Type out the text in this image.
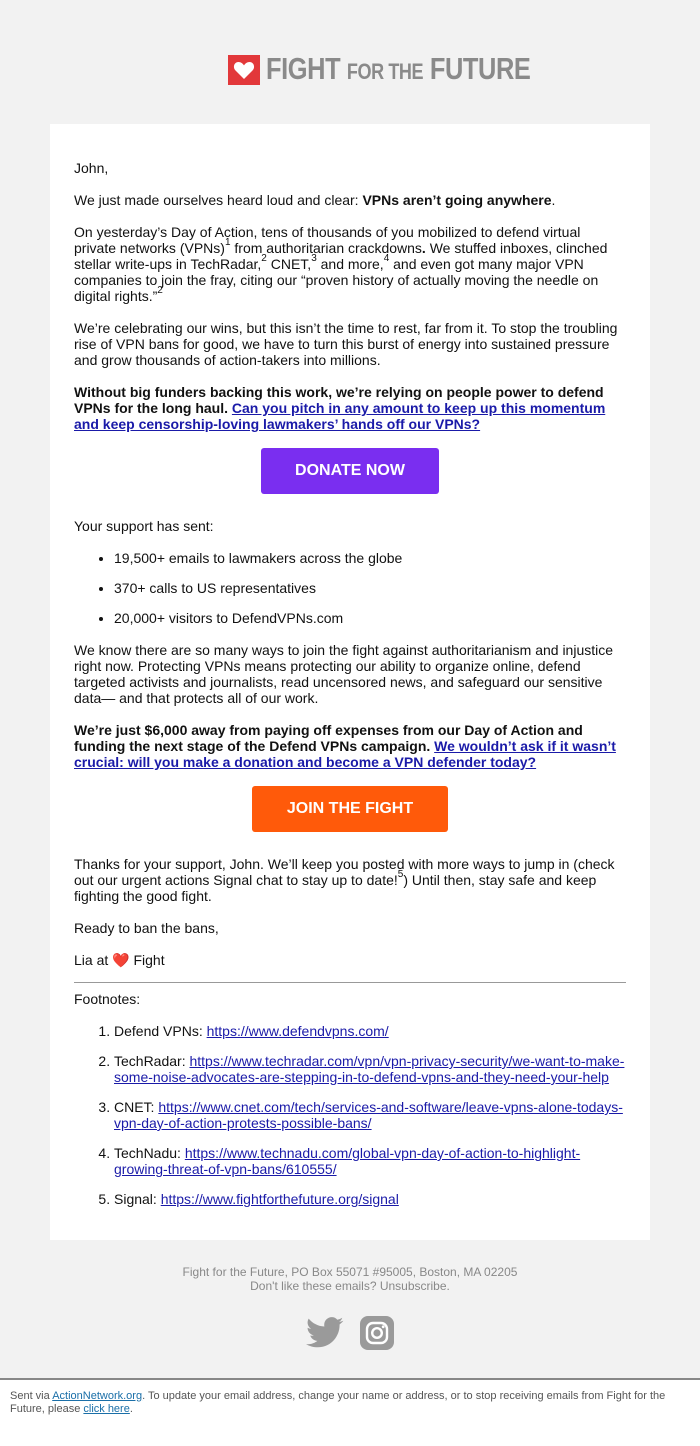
FIGHT FOR THE FUTURE

John,

We just made ourselves heard loud and clear: VPNs aren’t going anywhere.

On yesterday’s Day of Action, tens of thousands of you mobilized to defend virtual private networks (VPNs)$^1$ from authoritarian crackdowns. We stuffed inboxes, clinched stellar write-ups in TechRadar,$^2$ CNET,$^3$ and more,$^4$ and even got many major VPN companies to join the fray, citing our “proven history of actually moving the needle on digital rights.”$^2$

We’re celebrating our wins, but this isn’t the time to rest, far from it. To stop the troubling rise of VPN bans for good, we have to turn this burst of energy into sustained pressure and grow thousands of action-takers into millions.

Without big funders backing this work, we’re relying on people power to defend VPNs for the long haul. Can you pitch in any amount to keep up this momentum and keep censorship-loving lawmakers’ hands off our VPNs?

DONATE NOW

Your support has sent:

• 19,500+ emails to lawmakers across the globe
• 370+ calls to US representatives
• 20,000+ visitors to DefendVPNs.com

We know there are so many ways to join the fight against authoritarianism and injustice right now. Protecting VPNs means protecting our ability to organize online, defend targeted activists and journalists, read uncensored news, and safeguard our sensitive data— and that protects all of our work.

We’re just $6,000 away from paying off expenses from our Day of Action and funding the next stage of the Defend VPNs campaign. We wouldn’t ask if it wasn’t crucial: will you make a donation and become a VPN defender today?

JOIN THE FIGHT

Thanks for your support, John. We’ll keep you posted with more ways to jump in (check out our urgent actions Signal chat to stay up to date!$^5$) Until then, stay safe and keep fighting the good fight.

Ready to ban the bans,

Lia at ❤️ Fight

Footnotes:

1. Defend VPNs: https://www.defendvpns.com/
2. TechRadar: https://www.techradar.com/vpn/vpn-privacy-security/we-want-to-make-some-noise-advocates-are-stepping-in-to-defend-vpns-and-they-need-your-help
3. CNET: https://www.cnet.com/tech/services-and-software/leave-vpns-alone-todays-vpn-day-of-action-protests-possible-bans/
4. TechNadu: https://www.technadu.com/global-vpn-day-of-action-to-highlight-growing-threat-of-vpn-bans/610555/
5. Signal: https://www.fightforthefuture.org/signal
Fight for the Future, PO Box 55071 #95005, Boston, MA 02205
Don't like these emails? Unsubscribe.
Sent via ActionNetwork.org. To update your email address, change your name or address, or to stop receiving emails from Fight for the Future, please click here.
